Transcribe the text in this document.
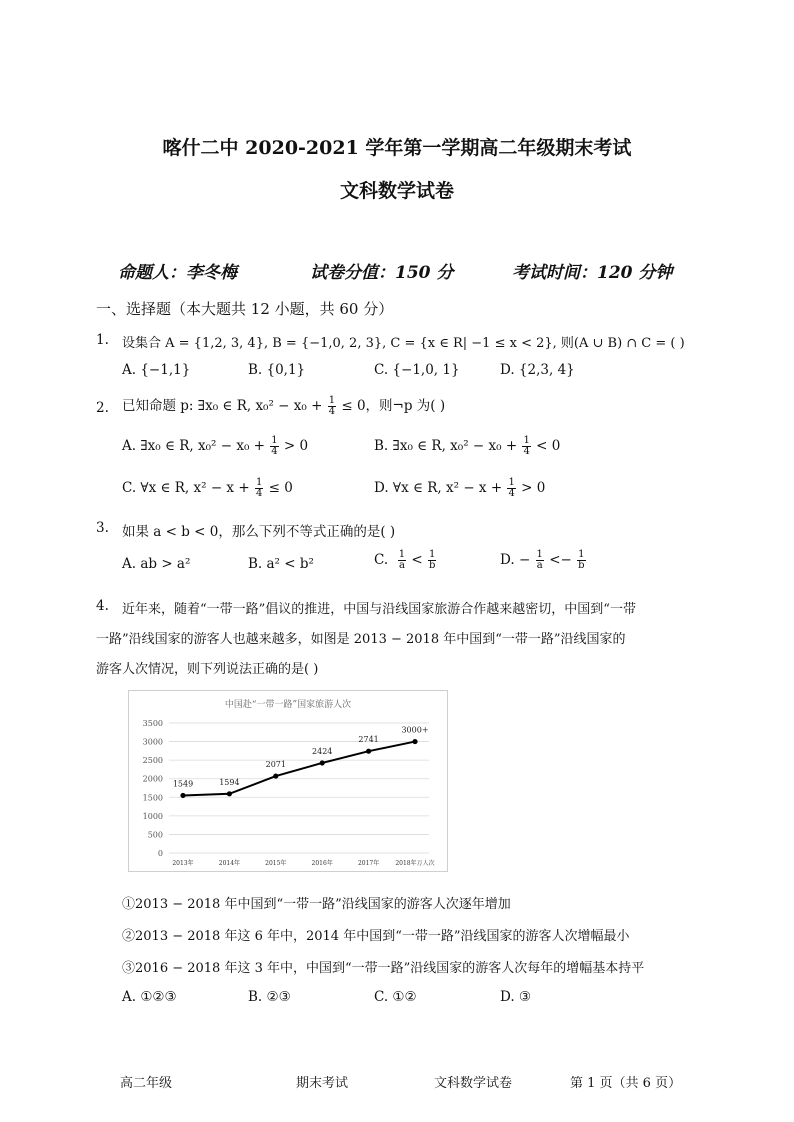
喀什二中 2020-2021 学年第一学期高二年级期末考试
文科数学试卷
命题人：李冬梅	试卷分值：150 分	考试时间：120 分钟
一、选择题（本大题共 12 小题，共 60 分）
1. 设集合 A = {1,2, 3, 4}, B = {−1,0, 2, 3}, C = {x ∈ R| −1 ≤ x < 2}, 则(A ∪ B) ∩ C = ( )
A. {−1,1}	B. {0,1}	C. {−1,0, 1}	D. {2,3, 4}
2. 已知命题 p: ∃x₀ ∈ R, $x_0^2 - x_0 + \frac{1}{4} \le 0$，则¬p 为( )
A. ∃x₀ ∈ R, $x_0^2 - x_0 + \frac{1}{4} > 0$	B. ∃x₀ ∈ R, $x_0^2 - x_0 + \frac{1}{4} < 0$
C. ∀x ∈ R, $x^2 - x + \frac{1}{4} \le 0$	D. ∀x ∈ R, $x^2 - x + \frac{1}{4} > 0$
3. 如果 a < b < 0，那么下列不等式正确的是( )
A. ab > a²	B. a² < b²	C. $\frac{1}{a} < \frac{1}{b}$	D. − $\frac{1}{a} <- \frac{1}{b}$
4. 近年来，随着“一带一路”倡议的推进，中国与沿线国家旅游合作越来越密切，中国到“一带
一路”沿线国家的游客人也越来越多，如图是 2013 − 2018 年中国到“一带一路”沿线国家的
游客人次情况，则下列说法正确的是( )
中国赴“一带一路”国家旅游人次
0
500
1000
1500
2000
2500
3000
3500
2013年	2014年	2015年	2016年	2017年	2018年万人次
1549	1594
2071
2424
2741
3000+
①2013 − 2018 年中国到“一带一路”沿线国家的游客人次逐年增加
②2013 − 2018 年这 6 年中，2014 年中国到“一带一路”沿线国家的游客人次增幅最小
③2016 − 2018 年这 3 年中，中国到“一带一路”沿线国家的游客人次每年的增幅基本持平
A. ①②③	B. ②③	C. ①②	D. ③
高二年级	期末考试	文科数学试卷	第 1 页（共 6 页）
